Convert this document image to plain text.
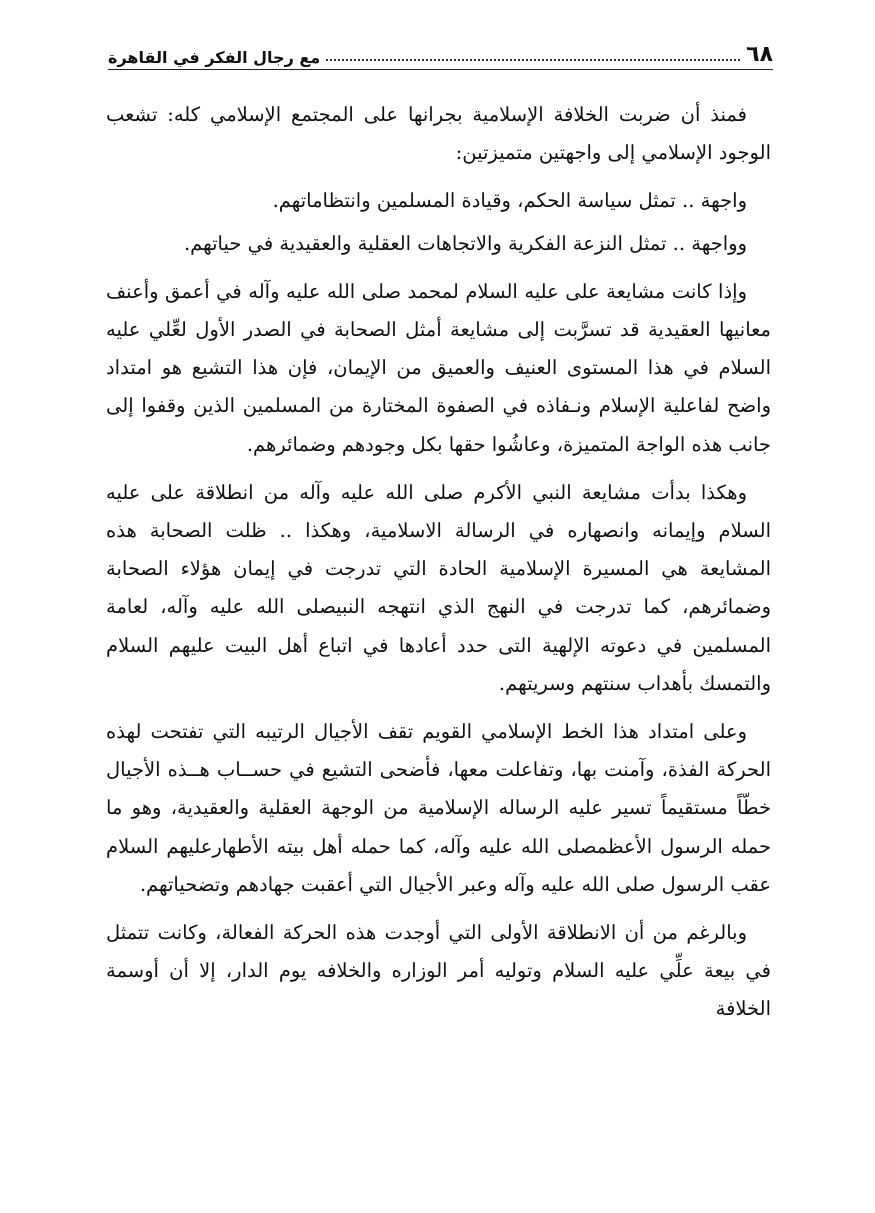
٦٨
مع رجال الفكر في القاهرة

فمنذ أن ضربت الخلافة الإسلامية بجرانها على المجتمع الإسلامي كله: تشعب الوجود الإسلامي إلى واجهتين متميزتين:

واجهة .. تمثل سياسة الحكم، وقيادة المسلمين وانتظاماتهم.

وواجهة .. تمثل النزعة الفكرية والاتجاهات العقلية والعقيدية في حياتهم.

وإذا كانت مشايعة على عليه السلام لمحمد صلى الله عليه وآله في أعمق وأعنف معانيها العقيدية قد تسرَّبت إلى مشايعة أمثل الصحابة في الصدر الأول لعِّلي عليه السلام في هذا المستوى العنيف والعميق من الإيمان، فإن هذا التشيع هو امتداد واضح لفاعلية الإسلام ونـفاذه في الصفوة المختارة من المسلمين الذين وقفوا إلى جانب هذه الواجة المتميزة، وعاشُوا حقها بكل وجودهم وضمائرهم.

وهكذا بدأت مشايعة النبي الأكرم صلى الله عليه وآله من انطلاقة على عليه السلام وإيمانه وانصهاره في الرسالة الاسلامية، وهكذا .. ظلت الصحابة هذه المشايعة هي المسيرة الإسلامية الحادة التي تدرجت في إيمان هؤلاء الصحابة وضمائرهم، كما تدرجت في النهج الذي انتهجه النبيصلى الله عليه وآله، لعامة المسلمين في دعوته الإلهية التى حدد أعادها في اتباع أهل البيت عليهم السلام والتمسك بأهداب سنتهم وسريتهم.

وعلى امتداد هذا الخط الإسلامي القويم تقف الأجيال الرتيبه التي تفتحت لهذه الحركة الفذة، وآمنت بها، وتفاعلت معها، فأضحى التشيع في حســاب هــذه الأجيال خطّاً مستقيماً تسير عليه الرساله الإسلامية من الوجهة العقلية والعقيدية، وهو ما حمله الرسول الأعظمصلى الله عليه وآله، كما حمله أهل بيته الأطهارعليهم السلام عقب الرسول صلى الله عليه وآله وعبر الأجيال التي أعقبت جهادهم وتضحياتهم.

وبالرغم من أن الانطلاقة الأولى التي أوجدت هذه الحركة الفعالة، وكانت تتمثل في بيعة علِّي عليه السلام وتوليه أمر الوزاره والخلافه يوم الدار، إلا أن أوسمة الخلافة
